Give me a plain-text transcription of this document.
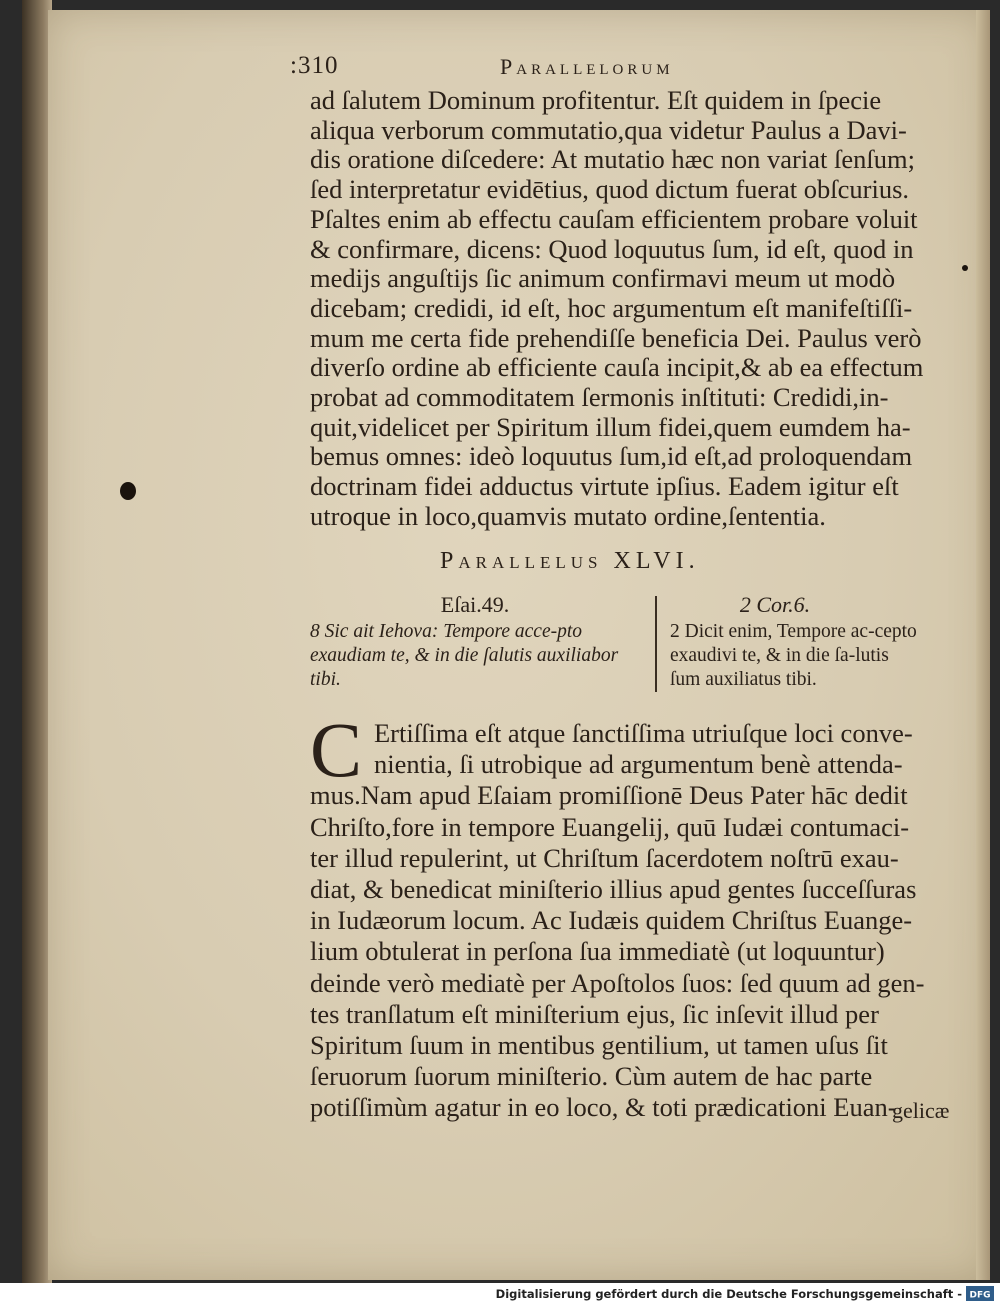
:310	Parallelorum
ad ſalutem Dominum profitentur. Eſt quidem in ſpecie
aliqua verborum commutatio,qua videtur Paulus a Davi-
dis oratione diſcedere: At mutatio hæc non variat ſenſum;
ſed interpretatur evidētius, quod dictum fuerat obſcurius.
Pſaltes enim ab effectu cauſam efficientem probare voluit
& confirmare, dicens: Quod loquutus ſum, id eſt, quod in
medijs anguſtijs ſic animum confirmavi meum ut modò
dicebam; credidi, id eſt, hoc argumentum eſt manifeſtiſſi-
mum me certa fide prehendiſſe beneficia Dei. Paulus verò
diverſo ordine ab efficiente cauſa incipit,& ab ea effectum
probat ad commoditatem ſermonis inſtituti: Credidi,in-
quit,videlicet per Spiritum illum fidei,quem eumdem ha-
bemus omnes: ideò loquutus ſum,id eſt,ad proloquendam
doctrinam fidei adductus virtute ipſius. Eadem igitur eſt
utroque in loco,quamvis mutato ordine,ſententia.
Parallelus XLVI.
Eſai.49.
8 Sic ait Iehova: Tempore acce-pto exaudiam te, & in die ſalutis auxiliabor tibi.
2 Cor.6.
2 Dicit enim, Tempore ac-cepto exaudivi te, & in die ſa-lutis ſum auxiliatus tibi.
C Ertiſſima eſt atque ſanctiſſima utriuſque loci conve-
nientia, ſi utrobique ad argumentum benè attenda-
mus.Nam apud Eſaiam promiſſionē Deus Pater hāc dedit
Chriſto,fore in tempore Euangelij, quū Iudæi contumaci-
ter illud repulerint, ut Chriſtum ſacerdotem noſtrū exau-
diat, & benedicat miniſterio illius apud gentes ſucceſſuras
in Iudæorum locum. Ac Iudæis quidem Chriſtus Euange-
lium obtulerat in perſona ſua immediatè (ut loquuntur)
deinde verò mediatè per Apoſtolos ſuos: ſed quum ad gen-
tes tranſlatum eſt miniſterium ejus, ſic inſevit illud per
Spiritum ſuum in mentibus gentilium, ut tamen uſus ſit
ſeruorum ſuorum miniſterio. Cùm autem de hac parte
potiſſimùm agatur in eo loco, & toti prædicationi Euan-
gelicæ
Digitalisierung gefördert durch die Deutsche Forschungsgemeinschaft - DFG
